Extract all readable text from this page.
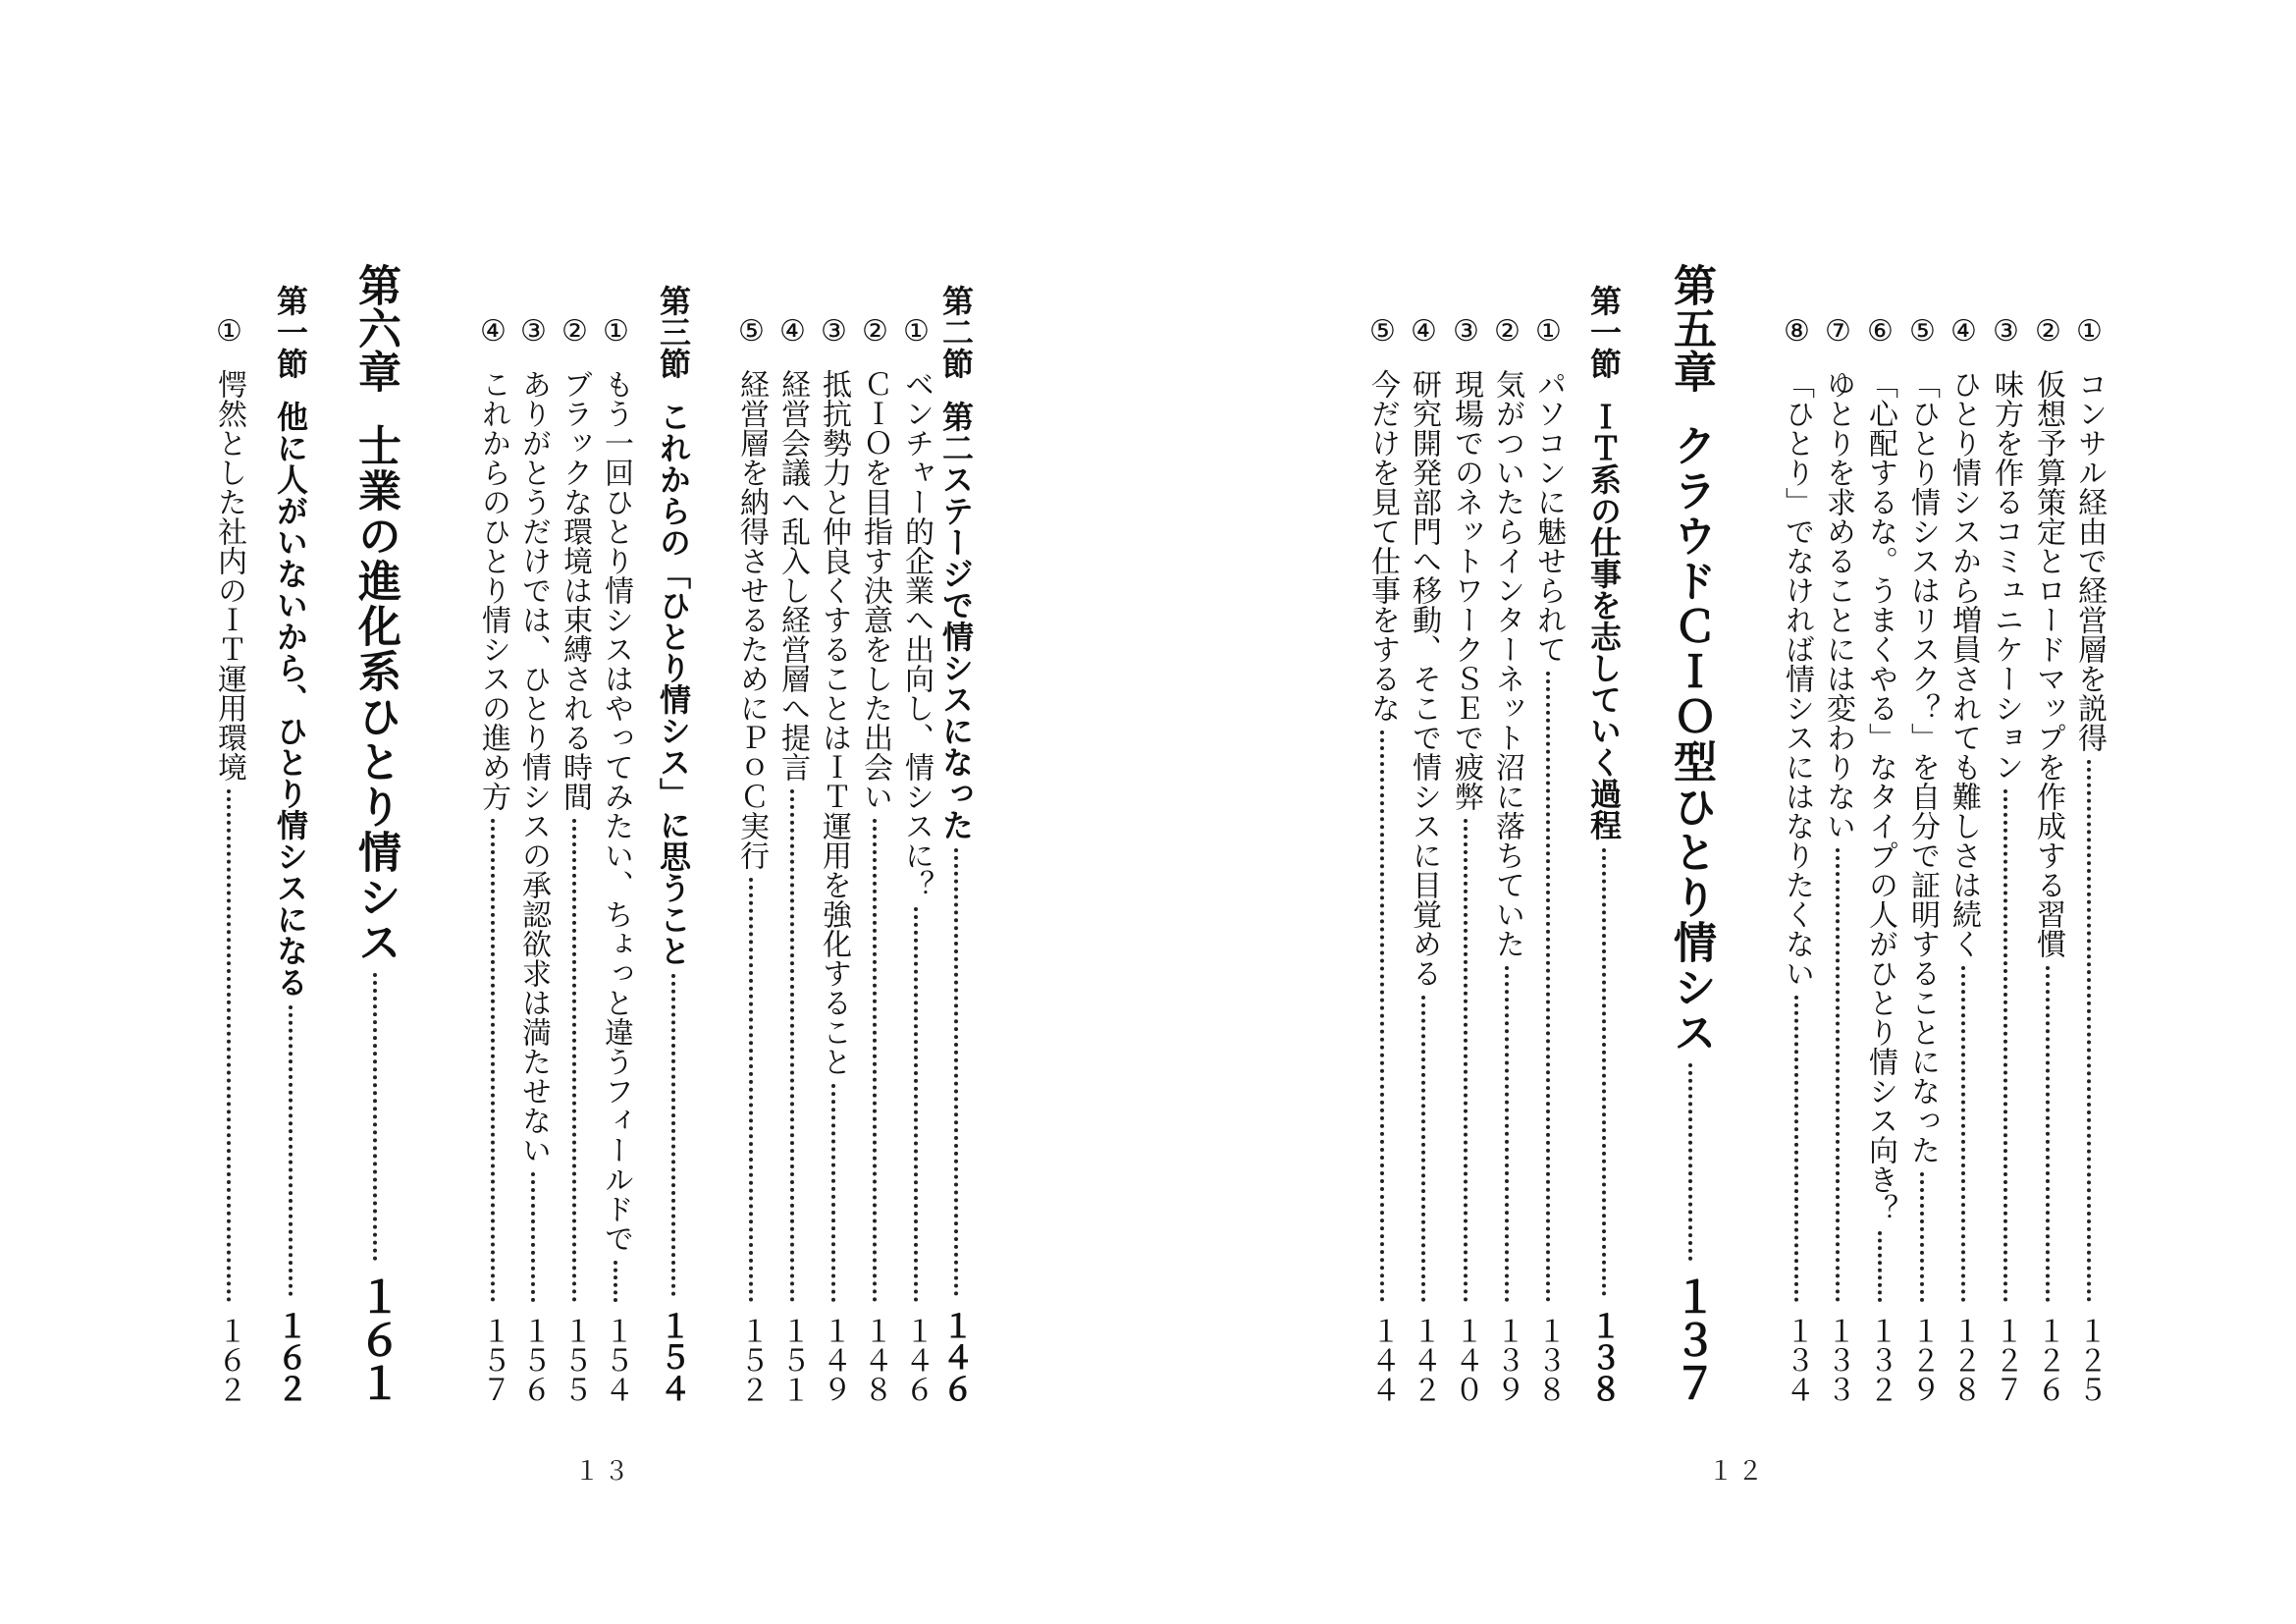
①
コンサル経由で経営層を説得
１２５
②
仮想予算策定とロードマップを作成する習慣
１２６
③
味方を作るコミュニケーション
１２７
④
ひとり情シスから増員されても難しさは続く
１２８
⑤
「ひとり情シスはリスク？」を自分で証明することになった
１２９
⑥
「心配するな。うまくやる」なタイプの人がひとり情シス向き？
１３２
⑦
ゆとりを求めることには変わりない
１３３
⑧
「ひとり」でなければ情シスにはなりたくない
１３４
第五章
クラウドＣＩＯ型ひとり情シス
１３７
第一節
ＩＴ系の仕事を志していく過程
１３８
①
パソコンに魅せられて
１３８
②
気がついたらインターネット沼に落ちていた
１３９
③
現場でのネットワークＳＥで疲弊
１４０
④
研究開発部門へ移動、そこで情シスに目覚める
１４２
⑤
今だけを見て仕事をするな
１４４
第二節
第二ステージで情シスになった
１４６
①
ベンチャー的企業へ出向し、情シスに？
１４６
②
ＣＩＯを目指す決意をした出会い
１４８
③
抵抗勢力と仲良くすることはＩＴ運用を強化すること
１４９
④
経営会議へ乱入し経営層へ提言
１５１
⑤
経営層を納得させるためにＰｏＣ実行
１５２
第三節
これからの「ひとり情シス」に思うこと
１５４
①
もう一回ひとり情シスはやってみたい、ちょっと違うフィールドで
１５４
②
ブラックな環境は束縛される時間
１５５
③
ありがとうだけでは、ひとり情シスの承認欲求は満たせない
１５６
④
これからのひとり情シスの進め方
１５７
第六章
士業の進化系ひとり情シス
１６１
第一節
他に人がいないから、ひとり情シスになる
１６２
①
愕然とした社内のＩＴ運用環境
１６２
１２
１３
